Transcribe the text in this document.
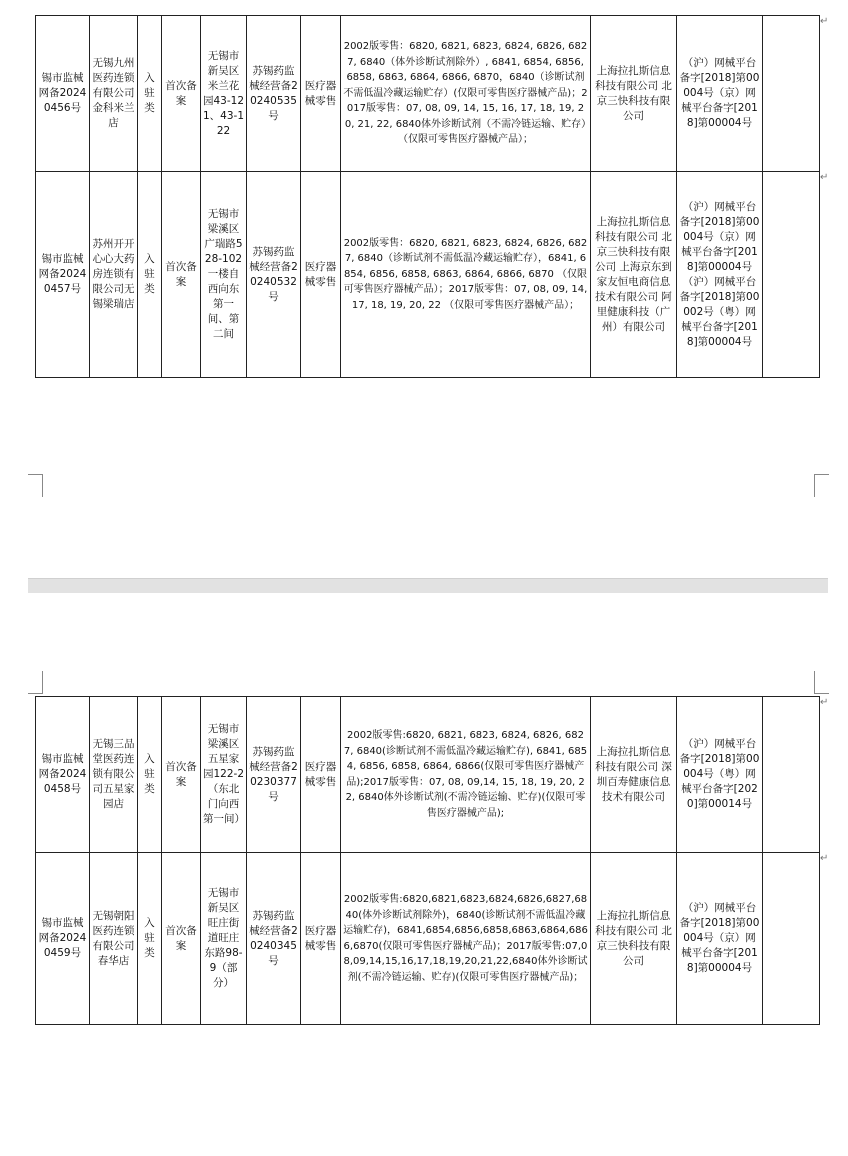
锡市监械网备20240456号	无锡九州医药连锁有限公司金科米兰店	入驻类	首次备案	无锡市新吴区米兰花园43-121、43-122	苏锡药监械经营备20240535号	医疗器械零售	2002版零售：6820, 6821, 6823, 6824, 6826, 6827, 6840（体外诊断试剂除外）, 6841, 6854, 6856, 6858, 6863, 6864, 6866, 6870，6840（诊断试剂不需低温冷藏运输贮存）(仅限可零售医疗器械产品)；2017版零售：07, 08, 09, 14, 15, 16, 17, 18, 19, 20, 21, 22, 6840体外诊断试剂（不需冷链运输、贮存）（仅限可零售医疗器械产品）；	上海拉扎斯信息科技有限公司 北京三快科技有限公司	（沪）网械平台备字[2018]第00004号（京）网械平台备字[2018]第00004号	
锡市监械网备20240457号	苏州开开心心大药房连锁有限公司无锡梁瑞店	入驻类	首次备案	无锡市梁溪区广瑞路528-102一楼自西向东第一间、第二间	苏锡药监械经营备20240532号	医疗器械零售	2002版零售：6820, 6821, 6823, 6824, 6826, 6827, 6840（诊断试剂不需低温冷藏运输贮存），6841, 6854, 6856, 6858, 6863, 6864, 6866, 6870 （仅限可零售医疗器械产品）；2017版零售：07, 08, 09, 14, 17, 18, 19, 20, 22 （仅限可零售医疗器械产品）；	上海拉扎斯信息科技有限公司 北京三快科技有限公司 上海京东到家友恒电商信息技术有限公司 阿里健康科技（广州）有限公司	（沪）网械平台备字[2018]第00004号（京）网械平台备字[2018]第00004号（沪）网械平台备字[2018]第00002号（粤）网械平台备字[2018]第00004号	
↵
↵
锡市监械网备20240458号	无锡三品堂医药连锁有限公司五星家园店	入驻类	首次备案	无锡市梁溪区五星家园122-2（东北门向西第一间）	苏锡药监械经营备20230377号	医疗器械零售	2002版零售:6820, 6821, 6823, 6824, 6826, 6827, 6840(诊断试剂不需低温冷藏运输贮存), 6841, 6854, 6856, 6858, 6864, 6866(仅限可零售医疗器械产品);2017版零售：07, 08, 09,14, 15, 18, 19, 20, 22, 6840体外诊断试剂(不需冷链运输、贮存)(仅限可零售医疗器械产品);	上海拉扎斯信息科技有限公司 深圳百寿健康信息技术有限公司	（沪）网械平台备字[2018]第00004号（粤）网械平台备字[2020]第00014号	
锡市监械网备20240459号	无锡朝阳医药连锁有限公司春华店	入驻类	首次备案	无锡市新吴区旺庄街道旺庄东路98-9（部分）	苏锡药监械经营备20240345号	医疗器械零售	2002版零售:6820,6821,6823,6824,6826,6827,6840(体外诊断试剂除外)，6840(诊断试剂不需低温冷藏运输贮存)，6841,6854,6856,6858,6863,6864,6866,6870(仅限可零售医疗器械产品)；2017版零售:07,08,09,14,15,16,17,18,19,20,21,22,6840体外诊断试剂(不需冷链运输、贮存)(仅限可零售医疗器械产品)；	上海拉扎斯信息科技有限公司 北京三快科技有限公司	（沪）网械平台备字[2018]第00004号（京）网械平台备字[2018]第00004号	
↵
↵
